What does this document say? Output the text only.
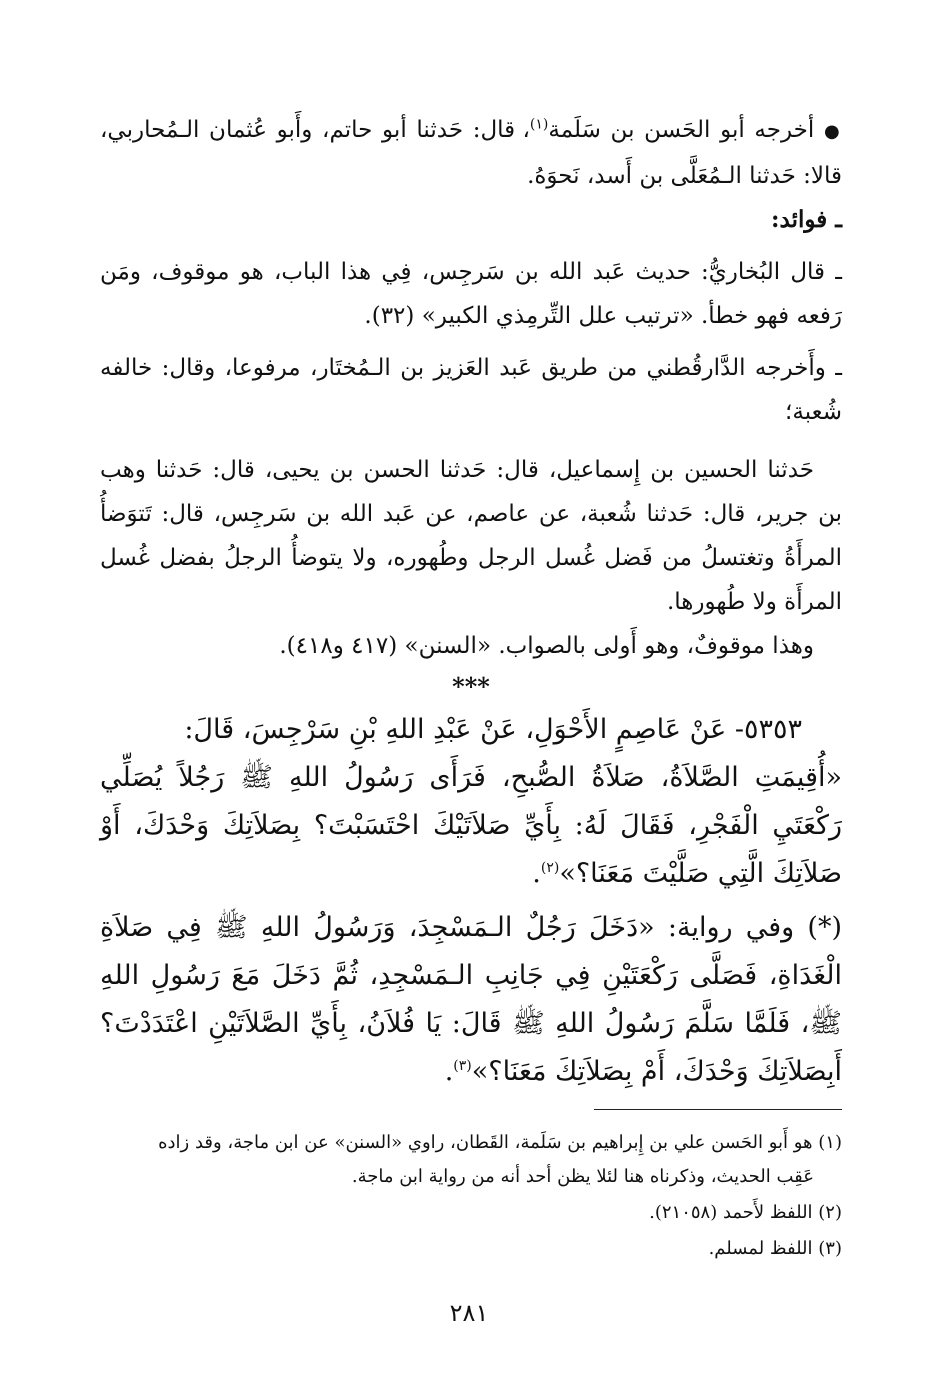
● أخرجه أبو الحَسن بن سَلَمة$^{(١)}$، قال: حَدثنا أبو حاتم، وأَبو عُثمان الـمُحاربي، قالا: حَدثنا الـمُعَلَّى بن أَسد، نَحوَهُ.

ـ فوائد:

ـ قال البُخاريُّ: حديث عَبد الله بن سَرجِس، فِي هذا الباب، هو موقوف، ومَن رَفعه فهو خطأ. «ترتيب علل التِّرمِذي الكبير» (٣٢).

ـ وأَخرجه الدَّارقُطني من طريق عَبد العَزيز بن الـمُختَار، مرفوعا، وقال: خالفه شُعبة؛

حَدثنا الحسين بن إِسماعيل، قال: حَدثنا الحسن بن يحيى، قال: حَدثنا وهب بن جرير، قال: حَدثنا شُعبة، عن عاصم، عن عَبد الله بن سَرجِس، قال: تَتوَضأُ المرأَةُ وتغتسلُ من فَضل غُسل الرجل وطُهوره، ولا يتوضأُ الرجلُ بفضل غُسل المرأَة ولا طُهورها.

وهذا موقوفٌ، وهو أَولى بالصواب. «السنن» (٤١٧ و٤١٨).

***

٥٣٥٣- عَنْ عَاصِمٍ الأَحْوَلِ، عَنْ عَبْدِ اللهِ بْنِ سَرْجِسَ، قَالَ:

«أُقِيمَتِ الصَّلاَةُ، صَلاَةُ الصُّبحِ، فَرَأَى رَسُولُ اللهِ ﷺ رَجُلاً يُصَلِّي رَكْعَتَيِ الْفَجْرِ، فَقَالَ لَهُ: بِأَيِّ صَلاَتَيْكَ احْتَسَبْتَ؟ بِصَلاَتِكَ وَحْدَكَ، أَوْ صَلاَتِكَ الَّتِي صَلَّيْتَ مَعَنَا؟»$^{(٢)}$.

(*) وفي رواية: «دَخَلَ رَجُلٌ الـمَسْجِدَ، وَرَسُولُ اللهِ ﷺ فِي صَلاَةِ الْغَدَاةِ، فَصَلَّى رَكْعَتَيْنِ فِي جَانِبِ الـمَسْجِدِ، ثُمَّ دَخَلَ مَعَ رَسُولِ اللهِ ﷺ، فَلَمَّا سَلَّمَ رَسُولُ اللهِ ﷺ قَالَ: يَا فُلاَنُ، بِأَيِّ الصَّلاَتَيْنِ اعْتَدَدْتَ؟ أَبِصَلاَتِكَ وَحْدَكَ، أَمْ بِصَلاَتِكَ مَعَنَا؟»$^{(٣)}$.

(١) هو أَبو الحَسن علي بن إِبراهيم بن سَلَمة، القَطان، راوي «السنن» عن ابن ماجة، وقد زاده
عَقِب الحديث، وذكرناه هنا لئلا يظن أحد أنه من رواية ابن ماجة.

(٢) اللفظ لأَحمد (٢١٠٥٨).

(٣) اللفظ لمسلم.

٢٨١
